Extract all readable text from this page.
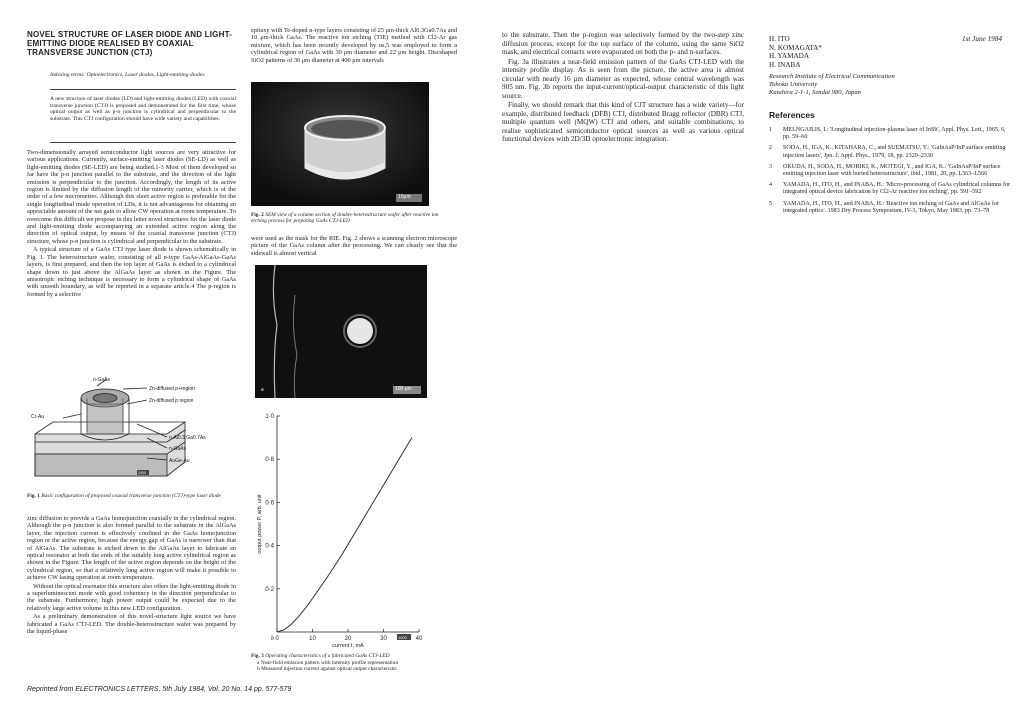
NOVEL STRUCTURE OF LASER DIODE AND LIGHT-EMITTING DIODE REALISED BY COAXIAL TRANSVERSE JUNCTION (CTJ)
Indexing terms: Optoelectronics, Laser diodes, Light-emitting diodes
A new structure of laser diodes (LD) and light-emitting diodes (LED) with coaxial transverse junction (CTJ) is proposed and demonstrated for the first time, whose optical output as well as p-n junction is cylindrical and perpendicular to the substrate. This CTJ configuration should have wide variety and capabilities.

Two-dimensionally arrayed semiconductor light sources are very attractive for various applications. Currently, surface-emitting laser diodes (SE-LD) as well as light-emitting diodes (SE-LED) are being studied.1-3 Most of them developed so far have the p-n junction parallel to the substrate, and the direction of the light emission is perpendicular to the junction. Accordingly, the length of its active region is limited by the diffusion length of the minority carrier, which is of the order of a few micrometres. Although this short active region is preferable for the single longitudinal mode operation of LDs, it is not advantageous for obtaining an appreciable amount of the net gain to allow CW operation at room temperature. To overcome this difficult we propose in this letter novel structures for the laser diode and light-emitting diode accompanying an extended active region along the direction of optical output, by means of the coaxial transverse junction (CTJ) structure, whose p-n junction is cylindrical and perpendicular to the substrate.

A typical structure of a GaAs CTJ type laser diode is shown schematically in Fig. 1. The heterostructure wafer, consisting of all n-type GaAs-AlGaAs-GaAs layers, is first prepared, and then the top layer of GaAs is etched to a cylindrical shape down to just above the AlGaAs layer as shown in the Figure. The anisotropic etching technique is necessary to form a cylindrical shape of GaAs with smooth boundary, as will be reported in a separate article.4 The p-region is formed by a selective

n-GaAs
Zn-diffused p+region
Zn-diffused p region
Cr-Au
n-Al0.3 Ga0.7As
n-GaAs
AuGe-Au
1000
Fig. 1 Basic configuration of proposed coaxial transverse junction (CTJ)-type laser diode

zinc diffusion to provide a GaAs homojunction coaxially in the cylindrical region. Although the p-n junction is also formed parallel to the substrate in the AlGaAs layer, the injection current is effectively confined in the GaAs homojunction region or the active region, because the energy gap of GaAs is narrower than that of AlGaAs. The substrate is etched down to the AlGaAs layer to fabricate an optical resonator at both the ends of the suitably long active cylindrical region as shown in the Figure. The length of the active region depends on the height of the cylindrical region, so that a relatively long active region will make it possible to achieve CW lasing operation at room temperature.

Without the optical resonator this structure also offers the light-emitting diode in a superluminescent mode with good coherency in the direction perpendicular to the substrate. Furthermore, high power output could be expected due to the relatively large active volume in this new LED configuration.

As a preliminary demonstration of this novel-structure light source we have fabricated a GaAs CTJ-LED. The double-heterostructure wafer was prepared by the liquid-phase

epitaxy with Te-doped n-type layers consisting of 25 μm-thick Al0.3Ga0.7As and 10 μm-thick GaAs. The reactive ion etching (TIE) method with Cl2-Ar gas mixture, which has been recently developed by us,5 was employed to form a cylindrical region of GaAs with 30 μm diameter and 22 μm height. Discshaped SiO2 patterns of 30 μm diameter at 400 μm intervals

10μm
Fig. 2 SEM view of a column section of double-heterostructure wafer after reactive ion etching process for prepating GaAs CTJ-LED

were used as the mask for the RIE. Fig. 2 shows a scanning electron microscope picture of the GaAs column after the processing. We can clearly see that the sidewall is almost vertical

a	100 μm
0	10	20	30	40
0·2
0·4
0·6
0·8
1·0
current I, mA
output power P, arb. unit
b	1000
Fig. 3 Operating characteristics of a fabricated GaAs CTJ-LED
a Near-field emission pattern with intensity profile representation
b Measured injection current against optical output characteristic

to the substrate. Then the p-region was selectively formed by the two-step zinc diffusion process, except for the top surface of the column, using the same SiO2 mask, and electrical contacts were evaporated on both the p- and n-surfaces.

Fig. 3a illustrates a near-field emission pattern of the GaAs CTJ-LED with the intensity profile display. As is seen from the picture, the active area is almost circular with nearly 16 μm diameter as expected, whose central wavelength was 905 nm. Fig. 3b reports the input-current/optical-output characteristic of this light source.

Finally, we should remark that this kind of CJT structure has a wide variety—for example, distributed feedback (DFB) CTJ, distributed Bragg reflector (DBR) CTJ, multiple quantum well (MQW) CTJ and others, and suitable combinations, to realise sophisticated semiconductor optical sources as well as various optical functional devices with 2D/3D optoelectronic integration.

H. ITO
N. KOMAGATA*
H. YAMADA
H. INABA
1st June 1984
Research Institute of Electrical Communication
Tohoku University
Katahira 2-1-1, Sendai 980, Japan
References
1	MELNGAILIS, I.: 'Longitudinal injection-plasma laser of InSb', Appl. Phys. Lett., 1965, 6, pp. 59–60
2	SODA, H., IGA, K., KITAHARA, C., and SUEMATSU, Y.: 'GaInAsP/InP surface emitting injection lasers', Jpn. J. Appl. Phys., 1979, 18, pp. 2329–2330
3	OKUDA, H., SODA, H., MORIKI, K., MOTEGI, Y., and IGA, K.: 'GaInAsP/InP surface emitting injection laser with buried heterostructure', ibid., 1981, 20, pp. L563–L566
4	YAMADA, H., ITO, H., and INABA, H.: 'Micro-processing of GaAs cylindrical columns for integrated optical device fabrication by Cl2-Ar reactive ion etching', pp. 591–592
5	YAMADA, H., ITO, H., and INABA, H.: 'Reactive ion etching of GaAs and AlGaAs for integrated optics'. 1983 Dry Process Symposium, IV-3, Tokyo, May 1983, pp. 73–78
Reprinted from ELECTRONICS LETTERS, 5th July 1984, Vol. 20 No. 14 pp. 577-579
